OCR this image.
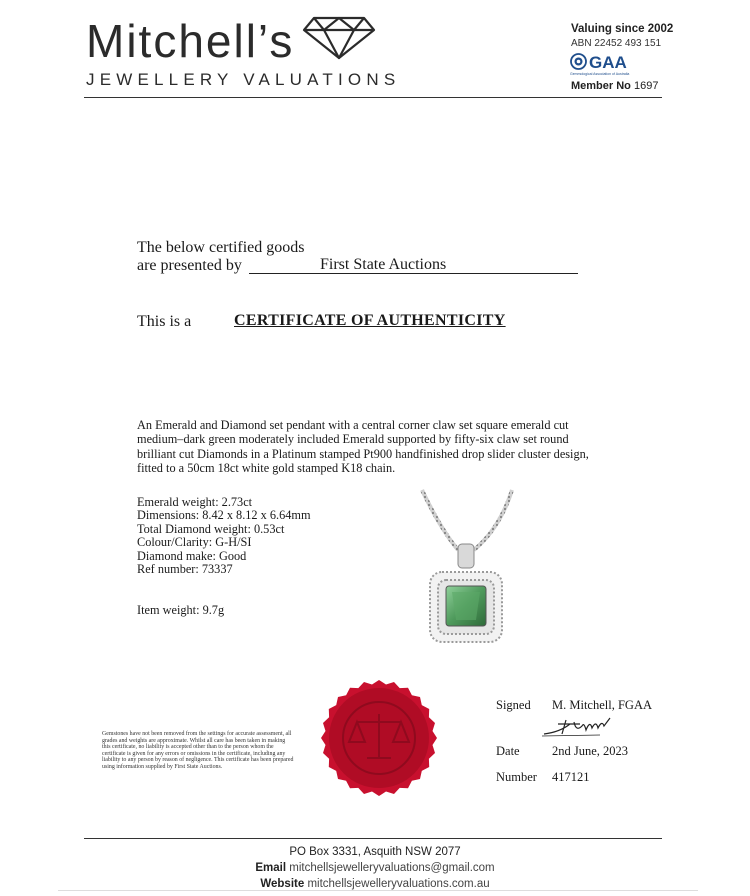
Mitchell’s
JEWELLERY VALUATIONS
Valuing since 2002
ABN 22452 493 151
GAA
Gemmological Association of Australia
Member No 1697
The below certified goods
are presented by	First State Auctions
This is a	CERTIFICATE OF AUTHENTICITY
An Emerald and Diamond set pendant with a central corner claw set square emerald cut medium–dark green moderately included Emerald supported by fifty-six claw set round brilliant cut Diamonds in a Platinum stamped Pt900 handfinished drop slider cluster design, fitted to a 50cm 18ct white gold stamped K18 chain.
Emerald weight: 2.73ct
Dimensions: 8.42 x 8.12 x 6.64mm
Total Diamond weight: 0.53ct
Colour/Clarity: G-H/SI
Diamond make: Good
Ref number: 73337
Item weight: 9.7g
Gemstones have not been removed from the settings for accurate assessment, all grades and weights are approximate. Whilst all care has been taken in making this certificate, no liability is accepted other than to the person whom the certificate is given for any errors or omissions in the certificate, including any liability to any person by reason of negligence. This certificate has been prepared using information supplied by First State Auctions.
Signed M. Mitchell, FGAA
Date	2nd June, 2023
Number 417121
PO Box 3331, Asquith NSW 2077
Email mitchellsjewelleryvaluations@gmail.com
Website mitchellsjewelleryvaluations.com.au
